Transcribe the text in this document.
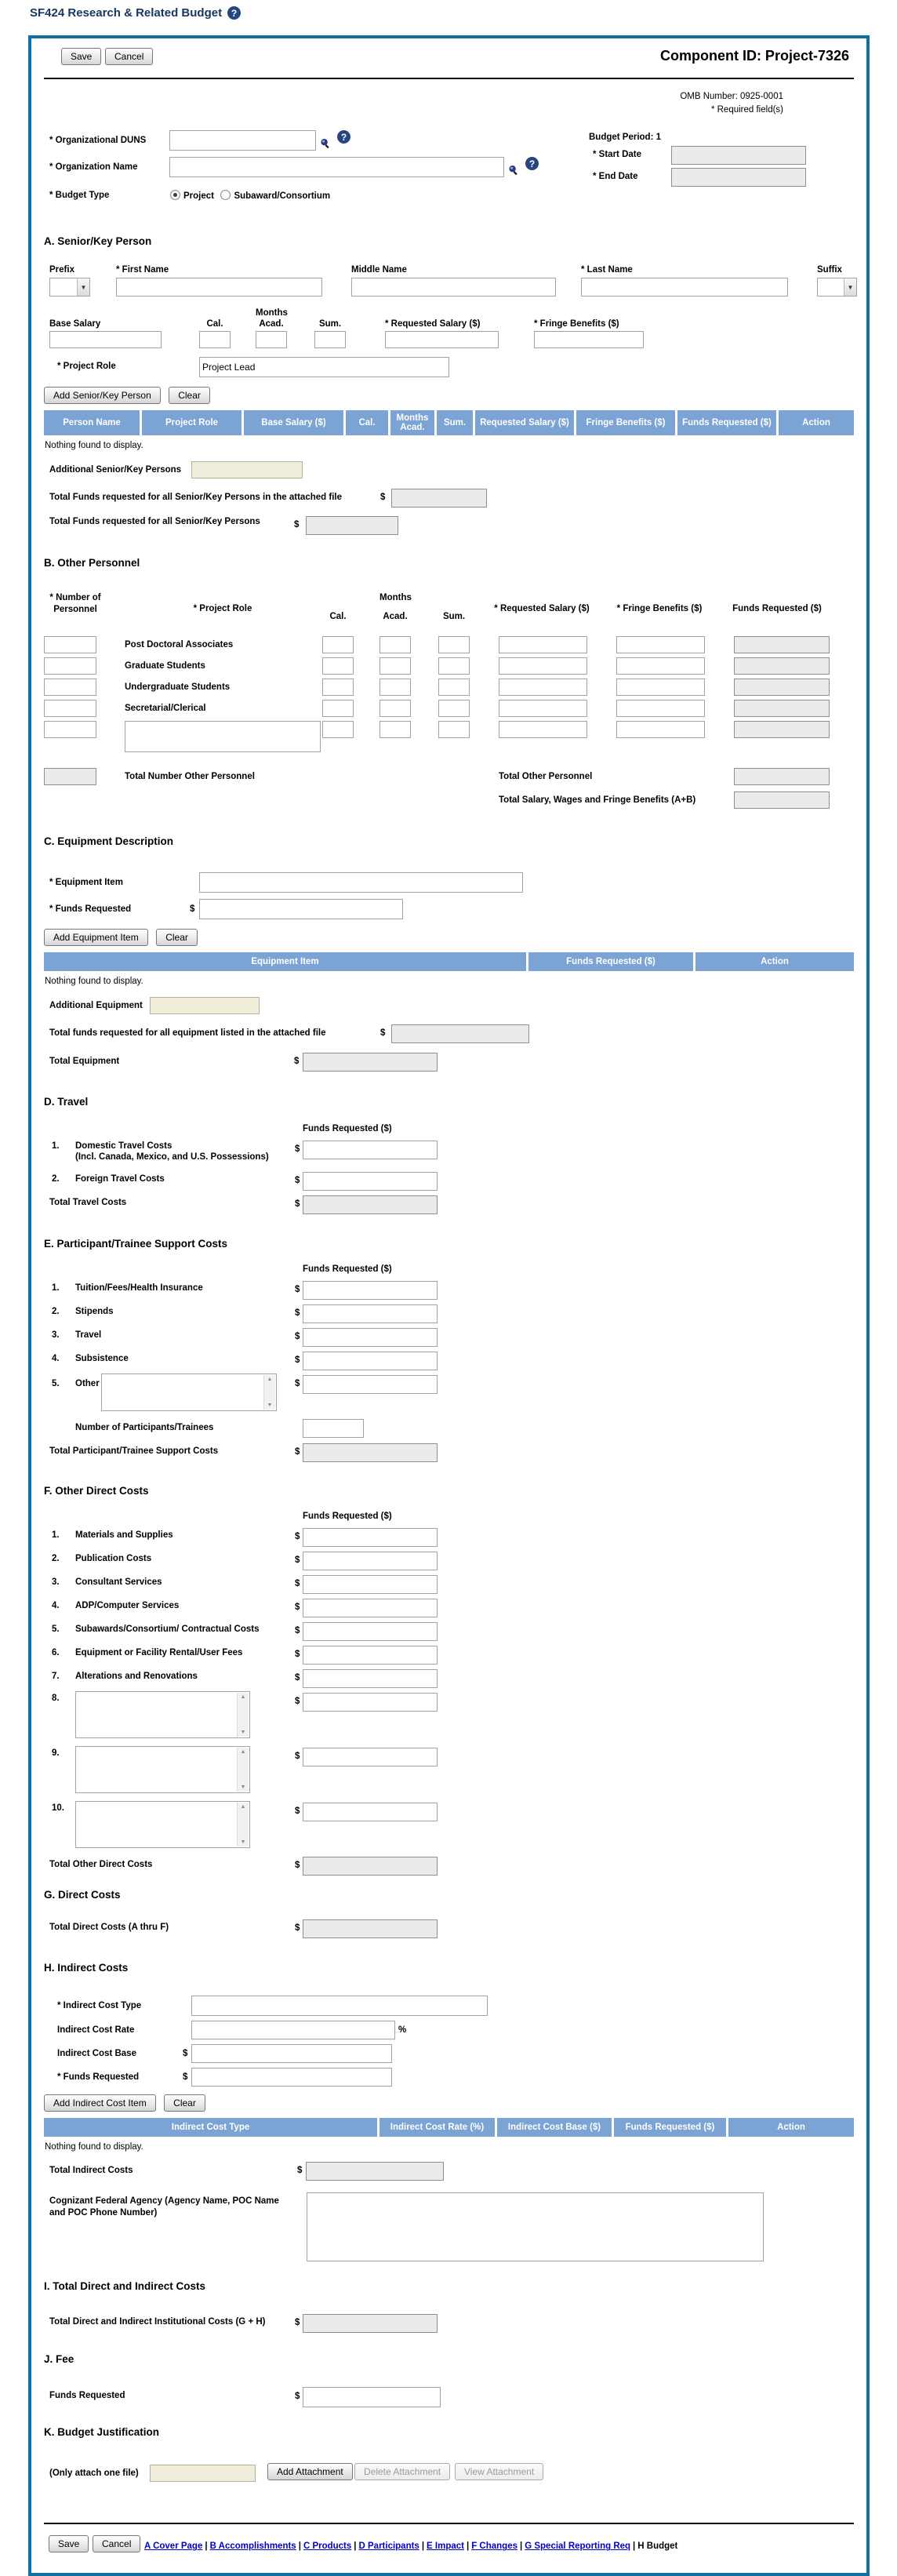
SF424 Research & Related Budget ?
Save	Cancel	Component ID: Project-7326
OMB Number: 0925-0001
* Required field(s)
* Organizational DUNS	?
* Organization Name	?
* Budget Type	Project Subaward/Consortium
Budget Period: 1
* Start Date
* End Date
A. Senior/Key Person
Prefix
▼
* First Name	Middle Name	* Last Name	Suffix
▼
Base Salary	Cal.
Months
Acad.	Sum.	* Requested Salary ($)	* Fringe Benefits ($)
* Project Role
Project Lead
Add Senior/Key Person	Clear
Person Name	Project Role	Base Salary ($)	Cal.	Months Acad.	Sum.	Requested Salary ($)	Fringe Benefits ($)	Funds Requested ($)	Action
Nothing found to display.
Additional Senior/Key Persons
Total Funds requested for all Senior/Key Persons in the attached file	$
Total Funds requested for all Senior/Key Persons	$
B. Other Personnel
* Number of Personnel	* Project Role
Months
Cal.	Acad.	Sum.
* Requested Salary ($)	* Fringe Benefits ($)	Funds Requested ($)
Post Doctoral Associates
Graduate Students
Undergraduate Students
Secretarial/Clerical
Total Number Other Personnel	Total Other Personnel
Total Salary, Wages and Fringe Benefits (A+B)
C. Equipment Description
* Equipment Item
* Funds Requested	$
Add Equipment Item	Clear
Equipment Item	Funds Requested ($)	Action
Nothing found to display.
Additional Equipment
Total funds requested for all equipment listed in the attached file	$
Total Equipment	$
D. Travel
Funds Requested ($)
1. Domestic Travel Costs
(Incl. Canada, Mexico, and U.S. Possessions)
$
2. Foreign Travel Costs	$
Total Travel Costs	$
E. Participant/Trainee Support Costs
Funds Requested ($)
1. Tuition/Fees/Health Insurance	$
2. Stipends	$
3. Travel	$
4. Subsistence	$
5. Other	▲
▼
$
Number of Participants/Trainees
Total Participant/Trainee Support Costs	$
F. Other Direct Costs
Funds Requested ($)
1. Materials and Supplies	$
2. Publication Costs	$
3. Consultant Services	$
4. ADP/Computer Services	$
5. Subawards/Consortium/ Contractual Costs	$
6. Equipment or Facility Rental/User Fees	$
7. Alterations and Renovations	$
8.	▲
▼
$
9.	▲
▼
$
10.	▲
▼
$
Total Other Direct Costs	$
G. Direct Costs
Total Direct Costs (A thru F)	$
H. Indirect Costs
* Indirect Cost Type
Indirect Cost Rate	%
Indirect Cost Base	$
* Funds Requested	$
Add Indirect Cost Item	Clear
Indirect Cost Type	Indirect Cost Rate (%)	Indirect Cost Base ($)	Funds Requested ($)	Action
Nothing found to display.
Total Indirect Costs	$
Cognizant Federal Agency (Agency Name, POC Name and POC Phone Number)
I. Total Direct and Indirect Costs
Total Direct and Indirect Institutional Costs (G + H)	$
J. Fee
Funds Requested	$
K. Budget Justification
(Only attach one file)	Add Attachment	Delete Attachment	View Attachment
Save	Cancel	A Cover Page | B Accomplishments | C Products | D Participants | E Impact | F Changes | G Special Reporting Req | H Budget
